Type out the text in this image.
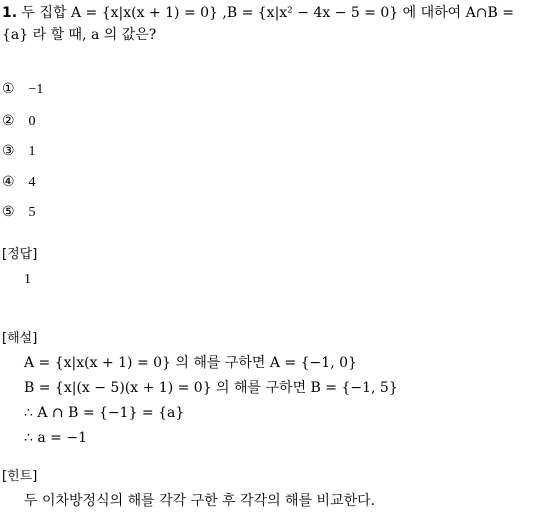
1. 두 집합 A = {x|x(x + 1) = 0} ,B = {x|x² − 4x − 5 = 0} 에 대하여 A∩B =
{a} 라 할 때, a 의 값은?
① −1
② 0
③ 1
④ 4
⑤ 5
[정답]
1
[해설]
A = {x|x(x + 1) = 0} 의 해를 구하면 A = {−1, 0}
B = {x|(x − 5)(x + 1) = 0} 의 해를 구하면 B = {−1, 5}
∴ A ∩ B = {−1} = {a}
∴ a = −1
[힌트]
두 이차방정식의 해를 각각 구한 후 각각의 해를 비교한다.
